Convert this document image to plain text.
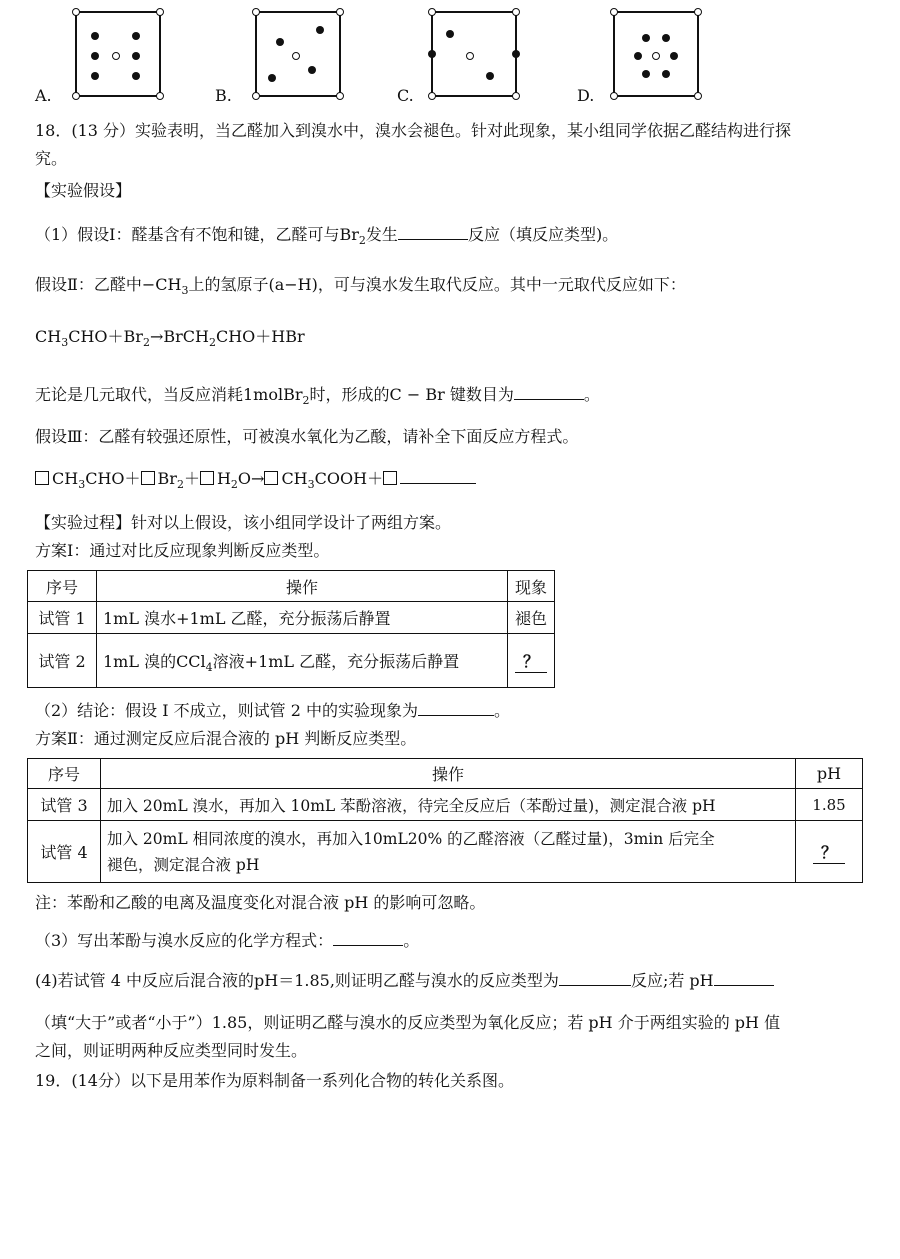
A.	B.	C.	D.
18．(13 分）实验表明，当乙醛加入到溴水中，溴水会褪色。针对此现象，某小组同学依据乙醛结构进行探
究。
【实验假设】
（1）假设Ⅰ：醛基含有不饱和键，乙醛可与$Br_2$发生	反应（填反应类型)。
假设Ⅱ：乙醛中$-CH_3$上的氢原子(a−H)，可与溴水发生取代反应。其中一元取代反应如下：
$CH_3CHO+Br_2\to BrCH_2CHO+HBr$
无论是几元取代，当反应消耗1molBr$_2$时，形成的C − Br 键数目为	。
假设Ⅲ：乙醛有较强还原性，可被溴水氧化为乙酸，请补全下面反应方程式。
$CH_3CHO+ Br_2+ H_2O\to$ $CH_3COOH+$
【实验过程】针对以上假设，该小组同学设计了两组方案。
方案Ⅰ：通过对比反应现象判断反应类型。
序号	操作	现象
试管 1	1mL 溴水+1mL 乙醛，充分振荡后静置	褪色
试管 2	1mL 溴的CCl$_4$溶液+1mL 乙醛，充分振荡后静置	？
（2）结论：假设 I 不成立，则试管 2 中的实验现象为	。
方案Ⅱ：通过测定反应后混合液的 pH 判断反应类型。
序号	操作	pH
试管 3	加入 20mL 溴水，再加入 10mL 苯酚溶液，待完全反应后（苯酚过量)，测定混合液 pH	1.85
试管 4	加入 20mL 相同浓度的溴水，再加入10mL20% 的乙醛溶液（乙醛过量)，3min 后完全
褪色，测定混合液 pH	？
注：苯酚和乙酸的电离及温度变化对混合液 pH 的影响可忽略。
（3）写出苯酚与溴水反应的化学方程式：	。
(4)若试管 4 中反应后混合液的pH＝1.85,则证明乙醛与溴水的反应类型为	反应;若 pH
（填“大于”或者“小于”）1.85，则证明乙醛与溴水的反应类型为氧化反应；若 pH 介于两组实验的 pH 值
之间，则证明两种反应类型同时发生。
19．(14分）以下是用苯作为原料制备一系列化合物的转化关系图。
